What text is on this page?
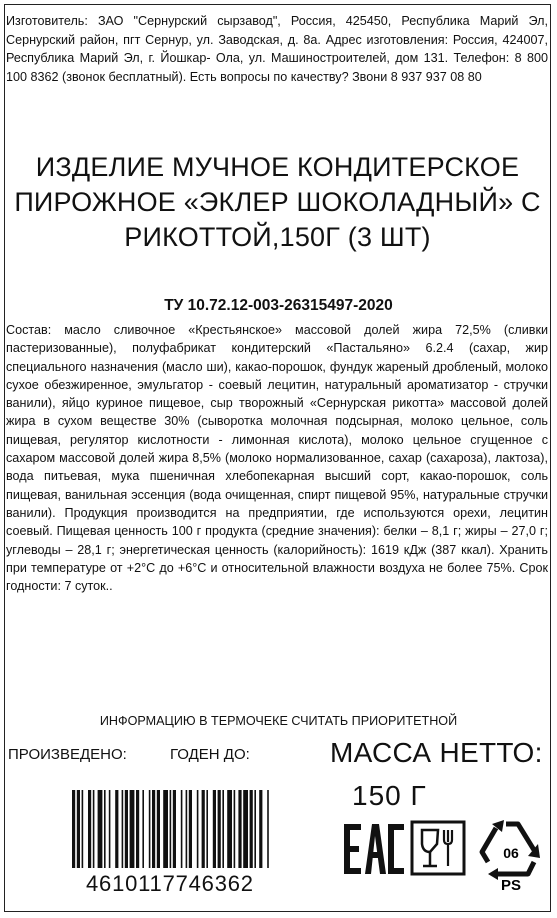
Изготовитель: ЗАО "Сернурский сырзавод", Россия, 425450, Республика Марий Эл, Сернурский район, пгт Сернур, ул. Заводская, д. 8а. Адрес изготовления: Россия, 424007, Республика Марий Эл, г. Йошкар- Ола, ул. Машиностроителей, дом 131. Телефон: 8 800 100 8362 (звонок бесплатный). Есть вопросы по качеству? Звони 8 937 937 08 80
ИЗДЕЛИЕ МУЧНОЕ КОНДИТЕРСКОЕ ПИРОЖНОЕ «ЭКЛЕР ШОКОЛАДНЫЙ» С РИКОТТОЙ,150Г (3 ШТ)
ТУ 10.72.12-003-26315497-2020
Состав: масло сливочное «Крестьянское» массовой долей жира 72,5% (сливки пастеризованные), полуфабрикат кондитерский «Пастальяно» 6.2.4 (сахар, жир специального назначения (масло ши), какао-порошок, фундук жареный дробленый, молоко сухое обезжиренное, эмульгатор - соевый лецитин, натуральный ароматизатор - стручки ванили), яйцо куриное пищевое, сыр творожный «Сернурская рикотта» массовой долей жира в сухом веществе 30% (сыворотка молочная подсырная, молоко цельное, соль пищевая, регулятор кислотности - лимонная кислота), молоко цельное сгущенное с сахаром массовой долей жира 8,5% (молоко нормализованное, сахар (сахароза), лактоза), вода питьевая, мука пшеничная хлебопекарная высший сорт, какао-порошок, соль пищевая, ванильная эссенция (вода очищенная, спирт пищевой 95%, натуральные стручки ванили). Продукция производится на предприятии, где используются орехи, лецитин соевый. Пищевая ценность 100 г продукта (средние значения): белки – 8,1 г; жиры – 27,0 г; углеводы – 28,1 г; энергетическая ценность (калорийность): 1619 кДж (387 ккал). Хранить при температуре от +2°С до +6°С и относительной влажности воздуха не более 75%. Срок годности: 7 суток..
ИНФОРМАЦИЮ В ТЕРМОЧЕКЕ СЧИТАТЬ ПРИОРИТЕТНОЙ
ПРОИЗВЕДЕНО:	ГОДЕН ДО:	МАССА НЕТТО:
150 Г
4610117746362
06
PS
